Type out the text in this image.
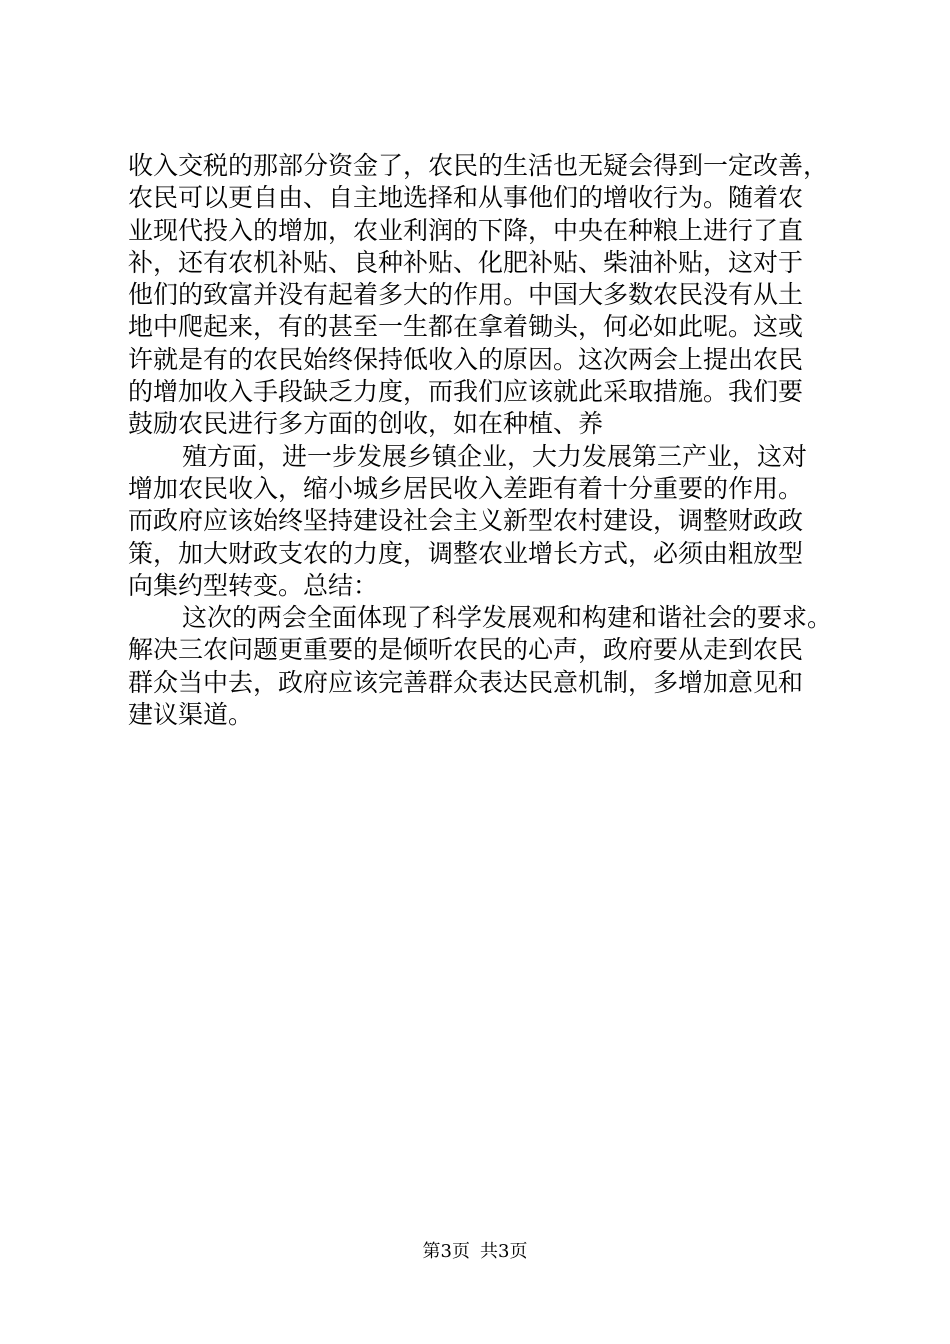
收入交税的那部分资金了，农民的生活也无疑会得到一定改善，
农民可以更自由、自主地选择和从事他们的增收行为。随着农
业现代投入的增加，农业利润的下降，中央在种粮上进行了直
补，还有农机补贴、良种补贴、化肥补贴、柴油补贴，这对于
他们的致富并没有起着多大的作用。中国大多数农民没有从土
地中爬起来，有的甚至一生都在拿着锄头，何必如此呢。这或
许就是有的农民始终保持低收入的原因。这次两会上提出农民
的增加收入手段缺乏力度，而我们应该就此采取措施。我们要
鼓励农民进行多方面的创收，如在种植、养
殖方面，进一步发展乡镇企业，大力发展第三产业，这对
增加农民收入，缩小城乡居民收入差距有着十分重要的作用。
而政府应该始终坚持建设社会主义新型农村建设，调整财政政
策，加大财政支农的力度，调整农业增长方式，必须由粗放型
向集约型转变。总结：
这次的两会全面体现了科学发展观和构建和谐社会的要求。
解决三农问题更重要的是倾听农民的心声，政府要从走到农民
群众当中去，政府应该完善群众表达民意机制，多增加意见和
建议渠道。
第3页 共3页
